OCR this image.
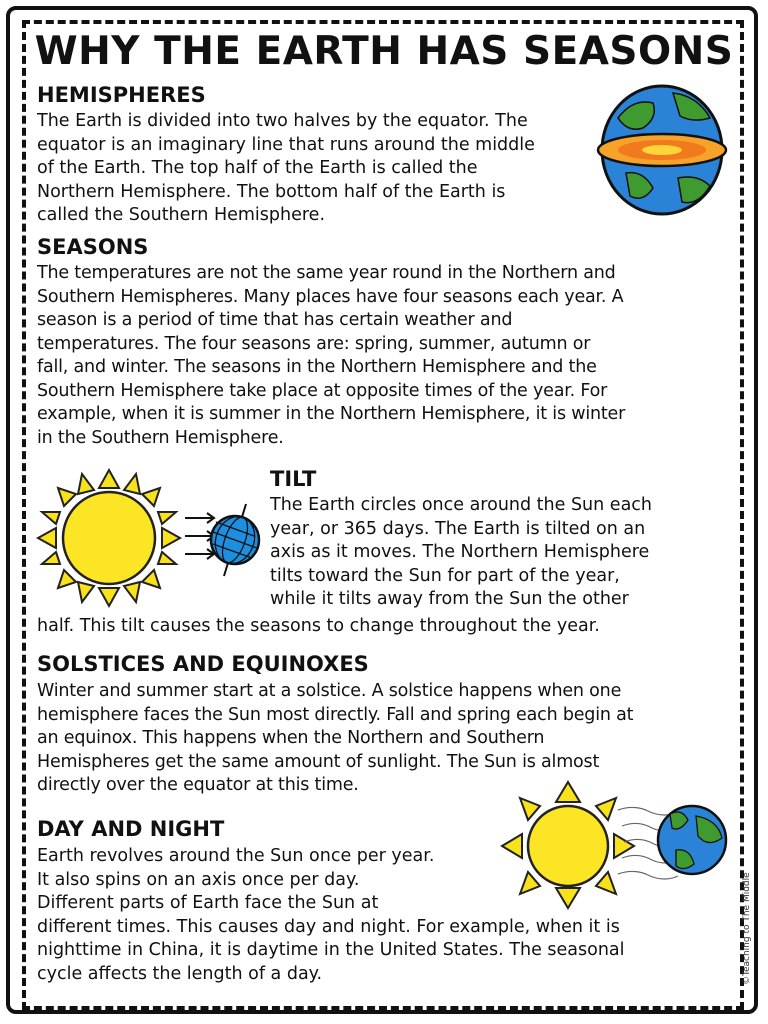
WHY THE EARTH HAS SEASONS
HEMISPHERES
The Earth is divided into two halves by the equator. The
equator is an imaginary line that runs around the middle
of the Earth. The top half of the Earth is called the
Northern Hemisphere. The bottom half of the Earth is
called the Southern Hemisphere.
SEASONS
The temperatures are not the same year round in the Northern and
Southern Hemispheres. Many places have four seasons each year. A
season is a period of time that has certain weather and
temperatures. The four seasons are: spring, summer, autumn or
fall, and winter. The seasons in the Northern Hemisphere and the
Southern Hemisphere take place at opposite times of the year. For
example, when it is summer in the Northern Hemisphere, it is winter
in the Southern Hemisphere.
TILT
The Earth circles once around the Sun each
year, or 365 days. The Earth is tilted on an
axis as it moves. The Northern Hemisphere
tilts toward the Sun for part of the year,
while it tilts away from the Sun the other
half. This tilt causes the seasons to change throughout the year.
SOLSTICES AND EQUINOXES
Winter and summer start at a solstice. A solstice happens when one
hemisphere faces the Sun most directly. Fall and spring each begin at
an equinox. This happens when the Northern and Southern
Hemispheres get the same amount of sunlight. The Sun is almost
directly over the equator at this time.
DAY AND NIGHT
Earth revolves around the Sun once per year.
It also spins on an axis once per day.
Different parts of Earth face the Sun at
different times. This causes day and night. For example, when it is
nighttime in China, it is daytime in the United States. The seasonal
cycle affects the length of a day.	©Teaching to The Middle
